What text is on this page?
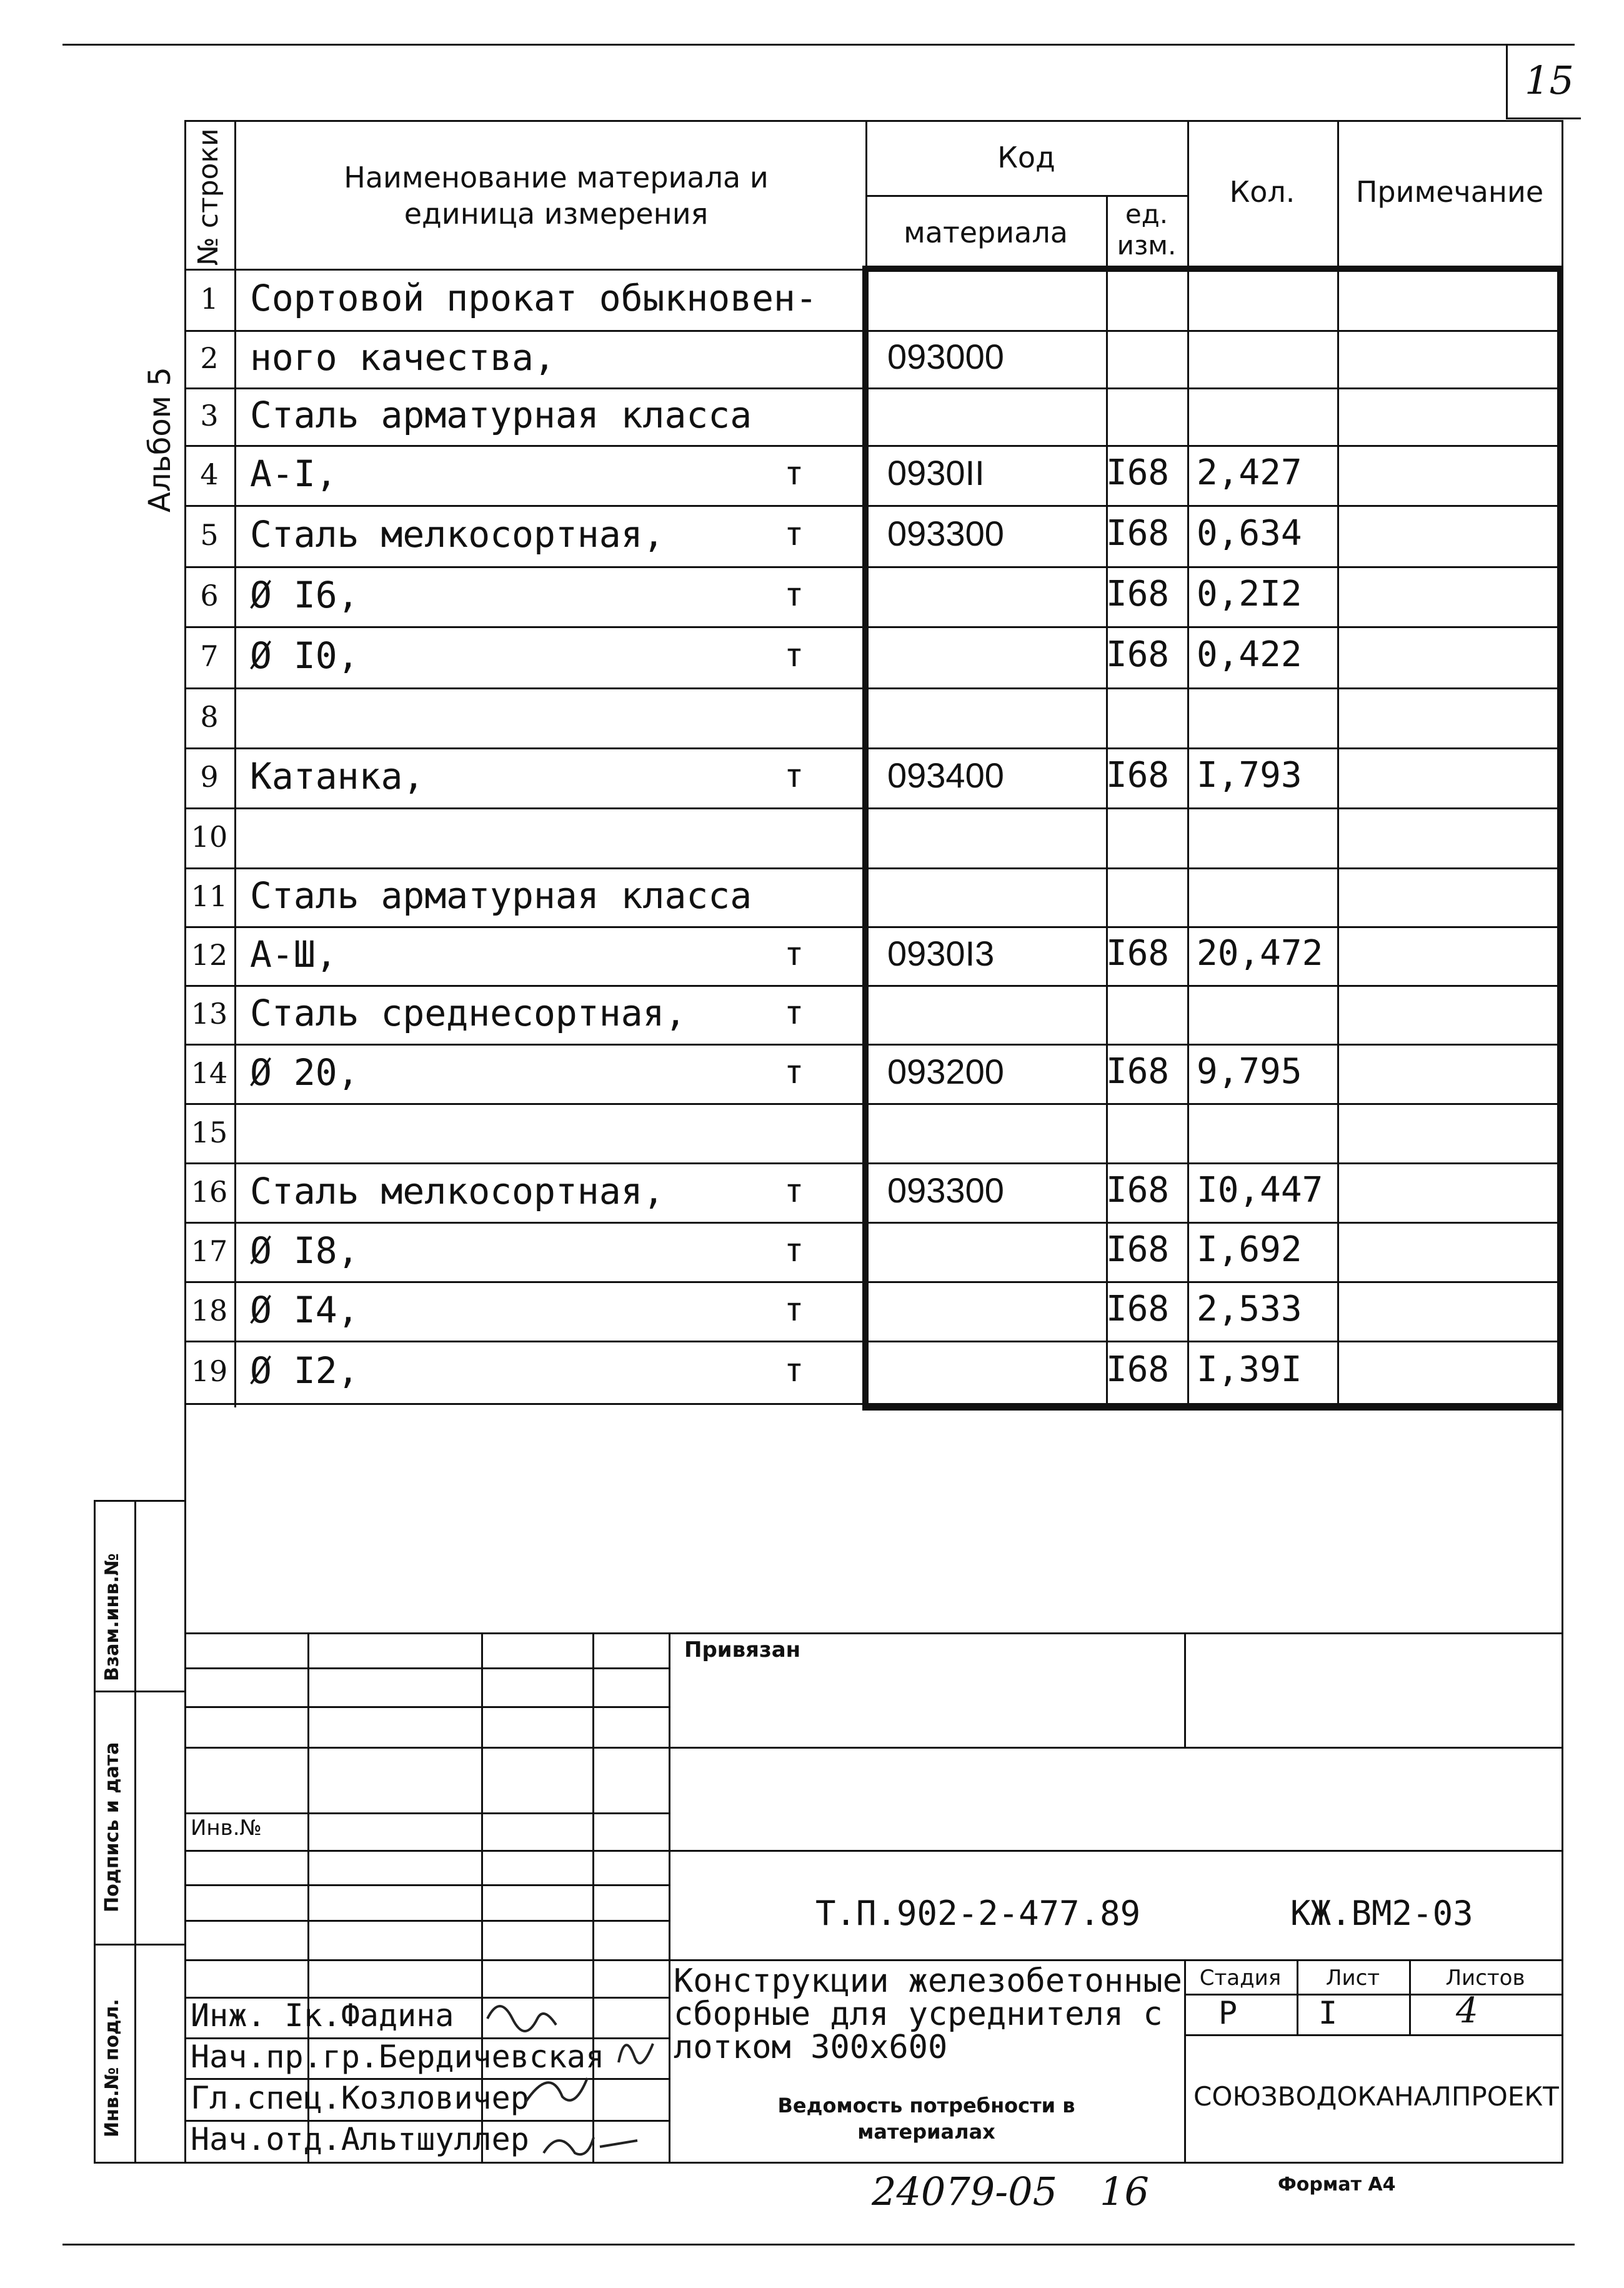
15
Альбом 5
№ строки	Наименование материала и единица измерения
Код
материала
ед. изм.
Кол.	Примечание
1 Сортовой прокат обыкновен-
2 ного качества,	093000
3 Сталь арматурная класса
4 А-I,	т 0930II	I68 2,427
5 Сталь мелкосортная,	т 093300	I68 0,634
6 Ø I6,	т	I68 0,2I2
7 Ø I0,	т	I68 0,422
8
9 Катанка,	т 093400	I68 I,793
10
11 Сталь арматурная класса
12 А-Ш,	т 0930I3	I68 20,472
13 Сталь среднесортная,	т
14 Ø 20,	т 093200	I68 9,795
15
16 Сталь мелкосортная,	т 093300	I68 I0,447
17 Ø I8,	т	I68 I,692
18 Ø I4,	т	I68 2,533
19 Ø I2,	т	I68 I,39I
Привязан
Инв.№
Т.П.902-2-477.89	КЖ.ВМ2-03
Стадия	Лист	Листов
Р	I	4
СОЮЗВОДОКАНАЛПРОЕКТ
Конструкции железобетонные
сборные для усреднителя с
лотком 300х600
Ведомость потребности в
материалах
Инж. Iк.Фадина
Нач.пр.гр.Бердичевская
Гл.спец.Козловичер
Нач.отд.Альтшуллер
Взам.инв.№
Подпись и дата
Инв.№ подл.
24079-05 16	Формат А4
